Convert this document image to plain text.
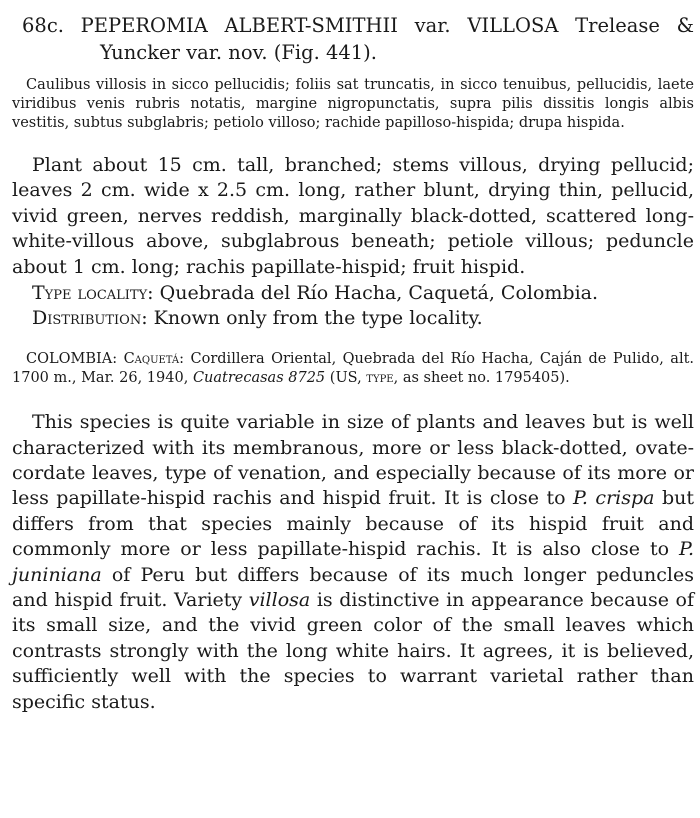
68c. PEPEROMIA ALBERT-SMITHII var. VILLOSA Trelease & Yuncker var. nov. (Fig. 441).

Caulibus villosis in sicco pellucidis; foliis sat truncatis, in sicco tenuibus, pellucidis, laete viridibus venis rubris notatis, margine nigropunctatis, supra pilis dissitis longis albis vestitis, subtus subglabris; petiolo villoso; rachide papilloso-hispida; drupa hispida.

Plant about 15 cm. tall, branched; stems villous, drying pellucid; leaves 2 cm. wide x 2.5 cm. long, rather blunt, drying thin, pellucid, vivid green, nerves reddish, marginally black-dotted, scattered long-white-villous above, subglabrous beneath; petiole villous; peduncle about 1 cm. long; rachis papillate-hispid; fruit hispid.

Type locality: Quebrada del Río Hacha, Caquetá, Colombia.

Distribution: Known only from the type locality.

COLOMBIA: Caquetá: Cordillera Oriental, Quebrada del Río Hacha, Caján de Pulido, alt. 1700 m., Mar. 26, 1940, Cuatrecasas 8725 (US, type, as sheet no. 1795405).

This species is quite variable in size of plants and leaves but is well characterized with its membranous, more or less black-dotted, ovate-cordate leaves, type of venation, and especially because of its more or less papillate-hispid rachis and hispid fruit. It is close to P. crispa but differs from that species mainly because of its hispid fruit and commonly more or less papillate-hispid rachis. It is also close to P. juniniana of Peru but differs because of its much longer peduncles and hispid fruit. Variety villosa is distinctive in appearance because of its small size, and the vivid green color of the small leaves which contrasts strongly with the long white hairs. It agrees, it is believed, sufficiently well with the species to warrant varietal rather than specific status.
